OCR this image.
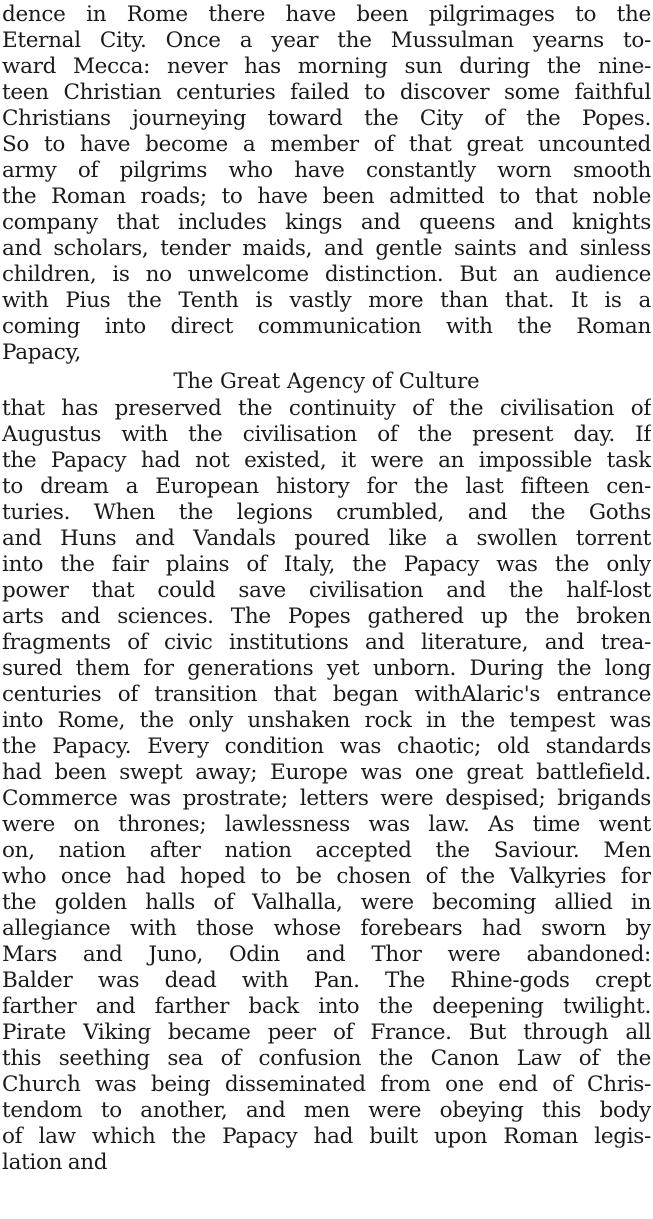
dence in Rome there have been pilgrimages to the
Eternal City. Once a year the Mussulman yearns to-
ward Mecca: never has morning sun during the nine-
teen Christian centuries failed to discover some faithful
Christians journeying toward the City of the Popes.
So to have become a member of that great uncounted
army of pilgrims who have constantly worn smooth
the Roman roads; to have been admitted to that noble
company that includes kings and queens and knights
and scholars, tender maids, and gentle saints and sinless
children, is no unwelcome distinction. But an audience
with Pius the Tenth is vastly more than that. It is a
coming into direct communication with the Roman
Papacy,
The Great Agency of Culture
that has preserved the continuity of the civilisation of
Augustus with the civilisation of the present day. If
the Papacy had not existed, it were an impossible task
to dream a European history for the last fifteen cen-
turies. When the legions crumbled, and the Goths
and Huns and Vandals poured like a swollen torrent
into the fair plains of Italy, the Papacy was the only
power that could save civilisation and the half-lost
arts and sciences. The Popes gathered up the broken
fragments of civic institutions and literature, and trea-
sured them for generations yet unborn. During the long
centuries of transition that began withAlaric's entrance
into Rome, the only unshaken rock in the tempest was
the Papacy. Every condition was chaotic; old standards
had been swept away; Europe was one great battlefield.
Commerce was prostrate; letters were despised; brigands
were on thrones; lawlessness was law. As time went
on, nation after nation accepted the Saviour. Men
who once had hoped to be chosen of the Valkyries for
the golden halls of Valhalla, were becoming allied in
allegiance with those whose forebears had sworn by
Mars and Juno, Odin and Thor were abandoned:
Balder was dead with Pan. The Rhine-gods crept
farther and farther back into the deepening twilight.
Pirate Viking became peer of France. But through all
this seething sea of confusion the Canon Law of the
Church was being disseminated from one end of Chris-
tendom to another, and men were obeying this body
of law which the Papacy had built upon Roman legis-
lation and
